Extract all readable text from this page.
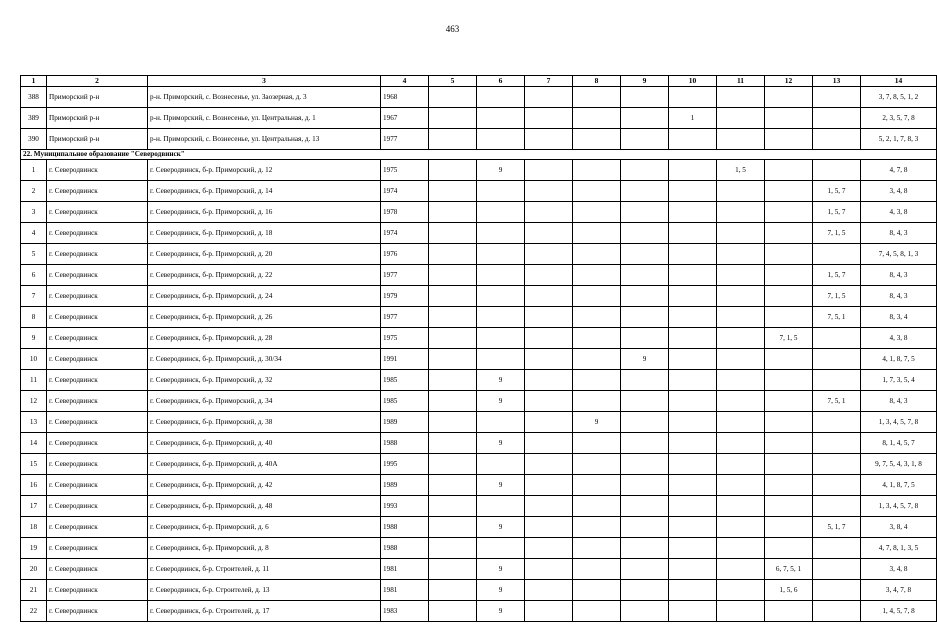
463
1	2	3	4	5	6	7	8	9	10	11	12	13	14
388	Приморский р-н	р-н. Приморский, с. Вознесенье, ул. Заозерная, д. 3	1968										3, 7, 8, 5, 1, 2
389	Приморский р-н	р-н. Приморский, с. Вознесенье, ул. Центральная, д. 1	1967						1				2, 3, 5, 7, 8
390	Приморский р-н	р-н. Приморский, с. Вознесенье, ул. Центральная, д. 13	1977										5, 2, 1, 7, 8, 3
22. Муниципальное образование "Северодвинск"													
1	г. Северодвинск	г. Северодвинск, б-р. Приморский, д. 12	1975		9					1, 5			4, 7, 8
2	г. Северодвинск	г. Северодвинск, б-р. Приморский, д. 14	1974									1, 5, 7	3, 4, 8
3	г. Северодвинск	г. Северодвинск, б-р. Приморский, д. 16	1978									1, 5, 7	4, 3, 8
4	г. Северодвинск	г. Северодвинск, б-р. Приморский, д. 18	1974									7, 1, 5	8, 4, 3
5	г. Северодвинск	г. Северодвинск, б-р. Приморский, д. 20	1976										7, 4, 5, 8, 1, 3
6	г. Северодвинск	г. Северодвинск, б-р. Приморский, д. 22	1977									1, 5, 7	8, 4, 3
7	г. Северодвинск	г. Северодвинск, б-р. Приморский, д. 24	1979									7, 1, 5	8, 4, 3
8	г. Северодвинск	г. Северодвинск, б-р. Приморский, д. 26	1977									7, 5, 1	8, 3, 4
9	г. Северодвинск	г. Северодвинск, б-р. Приморский, д. 28	1975								7, 1, 5		4, 3, 8
10	г. Северодвинск	г. Северодвинск, б-р. Приморский, д. 30/34	1991					9					4, 1, 8, 7, 5
11	г. Северодвинск	г. Северодвинск, б-р. Приморский, д. 32	1985		9								1, 7, 3, 5, 4
12	г. Северодвинск	г. Северодвинск, б-р. Приморский, д. 34	1985		9							7, 5, 1	8, 4, 3
13	г. Северодвинск	г. Северодвинск, б-р. Приморский, д. 38	1989				9						1, 3, 4, 5, 7, 8
14	г. Северодвинск	г. Северодвинск, б-р. Приморский, д. 40	1988		9								8, 1, 4, 5, 7
15	г. Северодвинск	г. Северодвинск, б-р. Приморский, д. 40А	1995										9, 7, 5, 4, 3, 1, 8
16	г. Северодвинск	г. Северодвинск, б-р. Приморский, д. 42	1989		9								4, 1, 8, 7, 5
17	г. Северодвинск	г. Северодвинск, б-р. Приморский, д. 48	1993										1, 3, 4, 5, 7, 8
18	г. Северодвинск	г. Северодвинск, б-р. Приморский, д. 6	1988		9							5, 1, 7	3, 8, 4
19	г. Северодвинск	г. Северодвинск, б-р. Приморский, д. 8	1988										4, 7, 8, 1, 3, 5
20	г. Северодвинск	г. Северодвинск, б-р. Строителей, д. 11	1981		9						6, 7, 5, 1		3, 4, 8
21	г. Северодвинск	г. Северодвинск, б-р. Строителей, д. 13	1981		9						1, 5, 6		3, 4, 7, 8
22	г. Северодвинск	г. Северодвинск, б-р. Строителей, д. 17	1983		9								1, 4, 5, 7, 8
